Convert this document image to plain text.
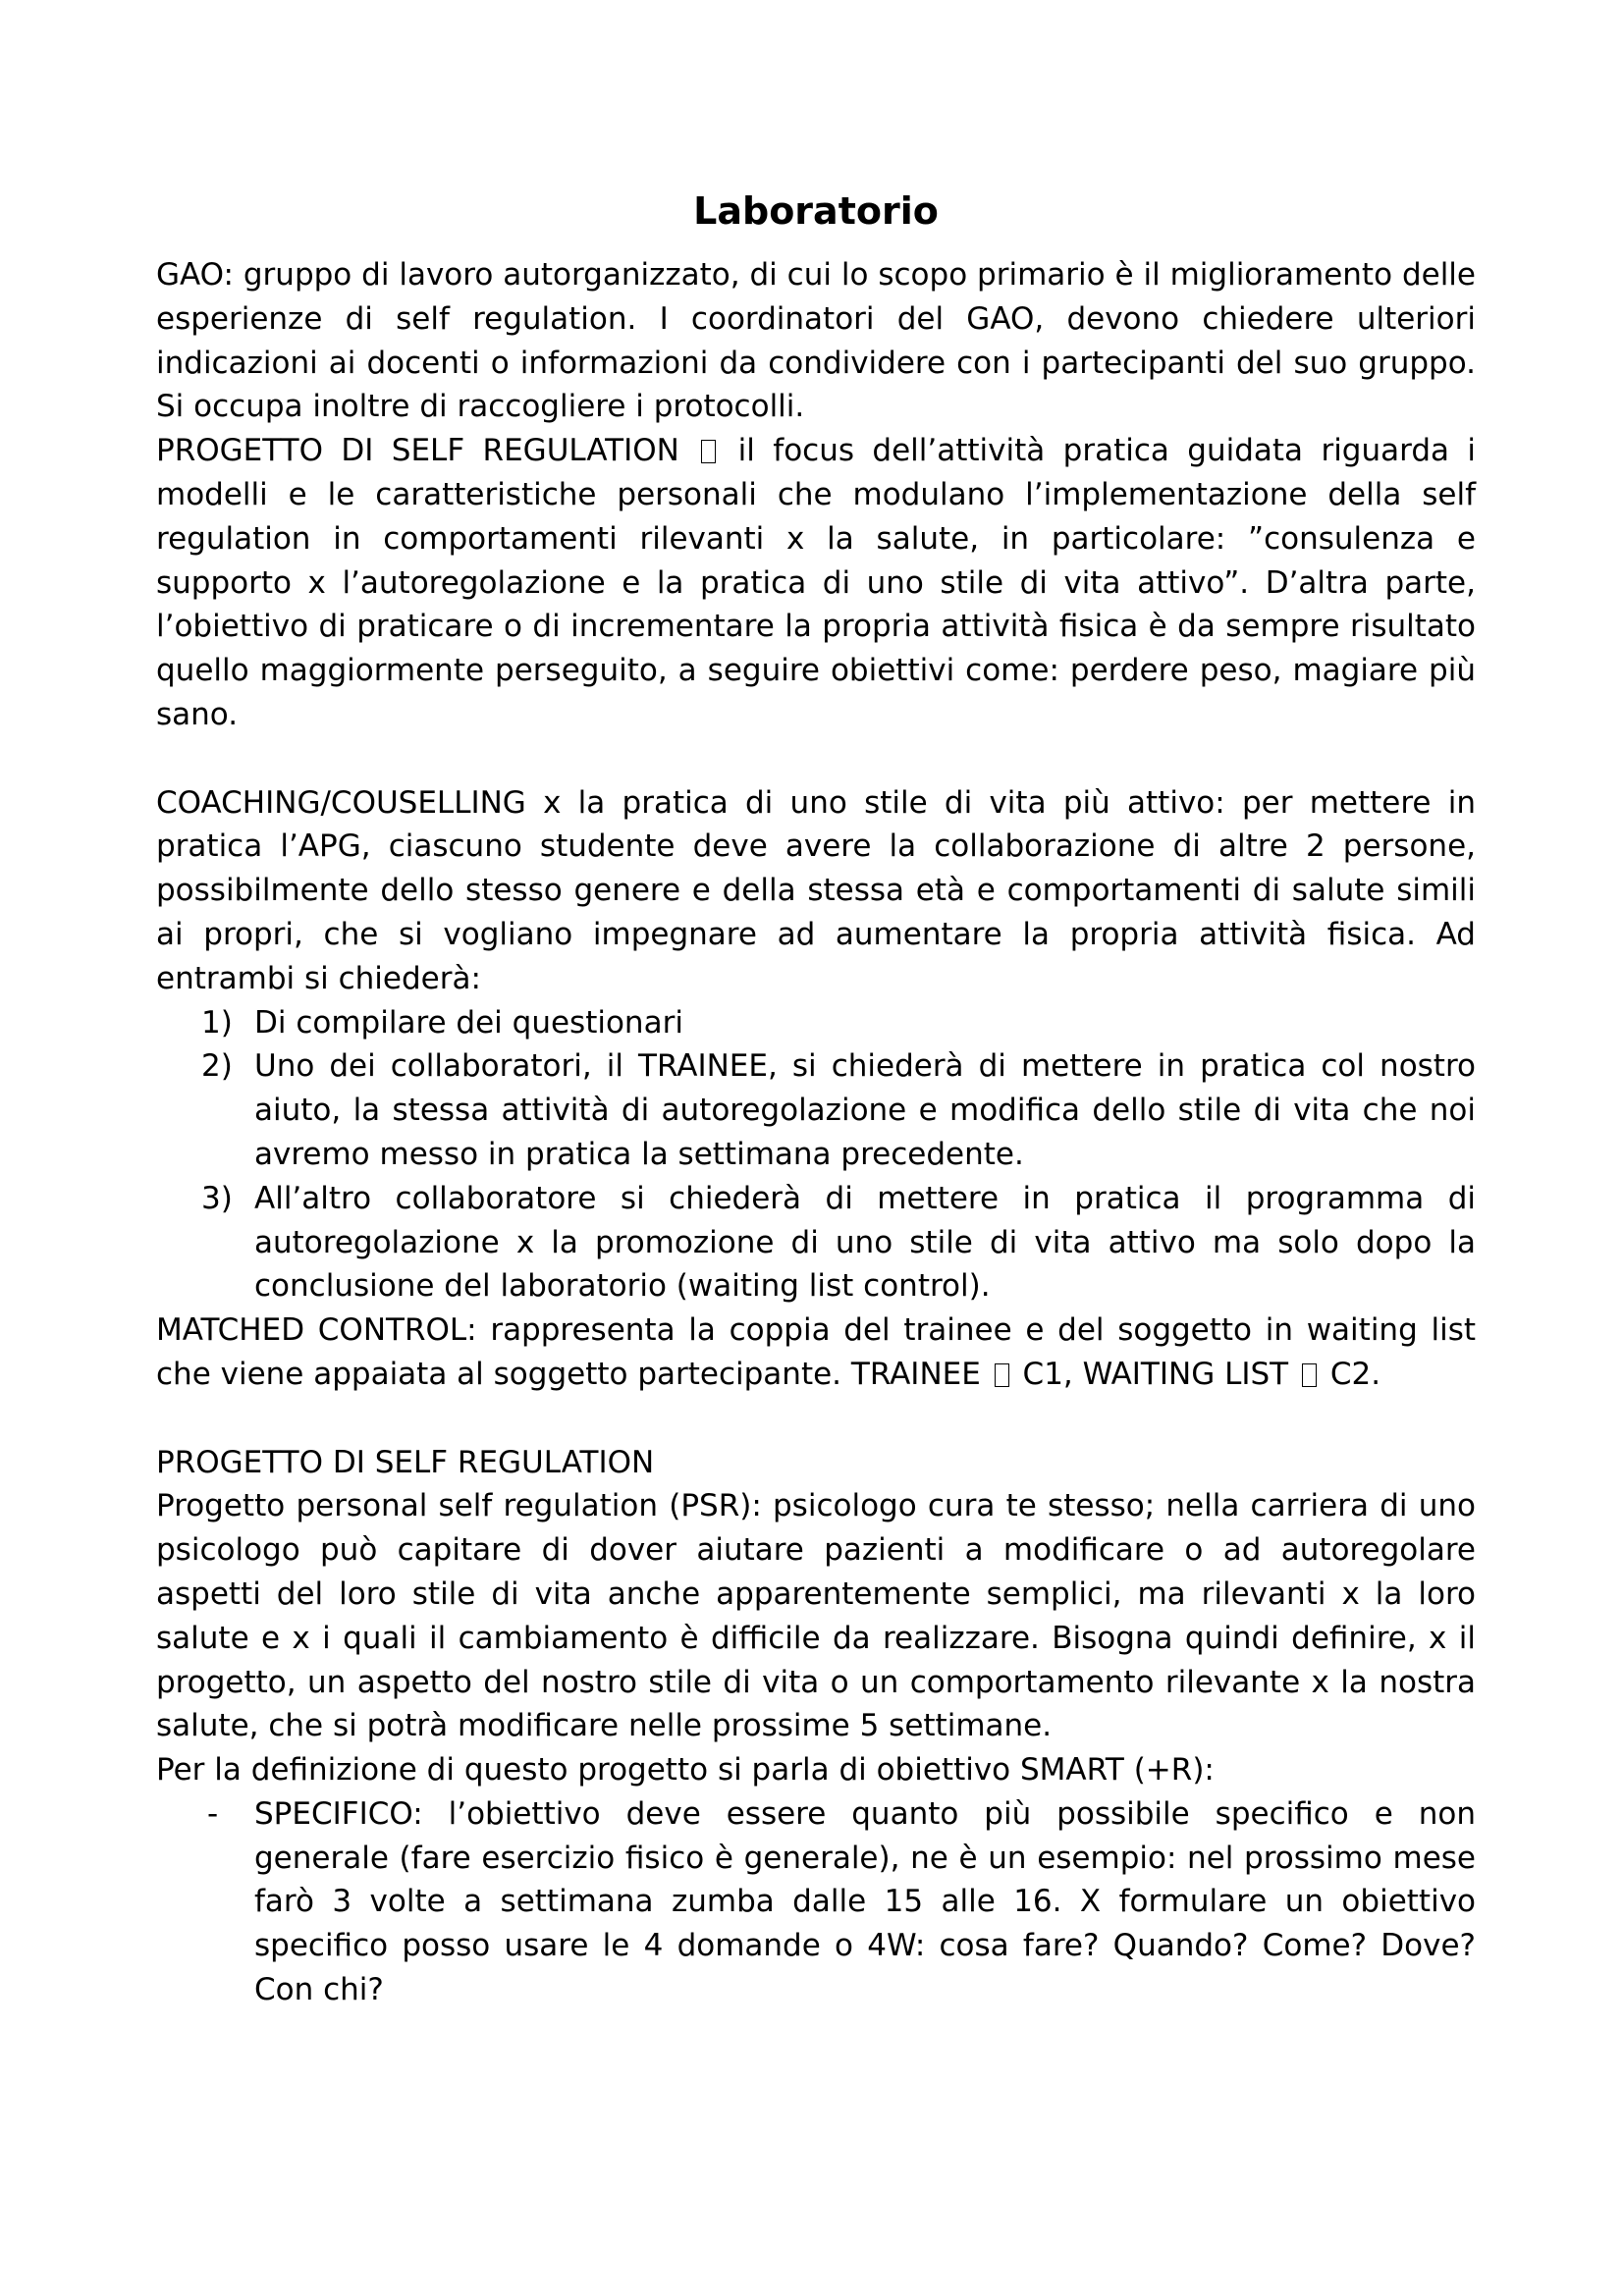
Laboratorio

GAO: gruppo di lavoro autorganizzato, di cui lo scopo primario è il miglioramento delle esperienze di self regulation. I coordinatori del GAO, devono chiedere ulteriori indicazioni ai docenti o informazioni da condividere con i partecipanti del suo gruppo. Si occupa inoltre di raccogliere i protocolli.

PROGETTO DI SELF REGULATION il focus dell’attività pratica guidata riguarda i modelli e le caratteristiche personali che modulano l’implementazione della self regulation in comportamenti rilevanti x la salute, in particolare: ”consulenza e supporto x l’autoregolazione e la pratica di uno stile di vita attivo”. D’altra parte, l’obiettivo di praticare o di incrementare la propria attività fisica è da sempre risultato quello maggiormente perseguito, a seguire obiettivi come: perdere peso, magiare più sano.

COACHING/COUSELLING x la pratica di uno stile di vita più attivo: per mettere in pratica l’APG, ciascuno studente deve avere la collaborazione di altre 2 persone, possibilmente dello stesso genere e della stessa età e comportamenti di salute simili ai propri, che si vogliano impegnare ad aumentare la propria attività fisica. Ad entrambi si chiederà:

1) Di compilare dei questionari
2) Uno dei collaboratori, il TRAINEE, si chiederà di mettere in pratica col nostro aiuto, la stessa attività di autoregolazione e modifica dello stile di vita che noi avremo messo in pratica la settimana precedente.
3) All’altro collaboratore si chiederà di mettere in pratica il programma di autoregolazione x la promozione di uno stile di vita attivo ma solo dopo la conclusione del laboratorio (waiting list control).

MATCHED CONTROL: rappresenta la coppia del trainee e del soggetto in waiting list che viene appaiata al soggetto partecipante. TRAINEE C1, WAITING LIST C2.

PROGETTO DI SELF REGULATION

Progetto personal self regulation (PSR): psicologo cura te stesso; nella carriera di uno psicologo può capitare di dover aiutare pazienti a modificare o ad autoregolare aspetti del loro stile di vita anche apparentemente semplici, ma rilevanti x la loro salute e x i quali il cambiamento è difficile da realizzare. Bisogna quindi definire, x il progetto, un aspetto del nostro stile di vita o un comportamento rilevante x la nostra salute, che si potrà modificare nelle prossime 5 settimane.

Per la definizione di questo progetto si parla di obiettivo SMART (+R):

- SPECIFICO: l’obiettivo deve essere quanto più possibile specifico e non generale (fare esercizio fisico è generale), ne è un esempio: nel prossimo mese farò 3 volte a settimana zumba dalle 15 alle 16. X formulare un obiettivo specifico posso usare le 4 domande o 4W: cosa fare? Quando? Come? Dove? Con chi?
